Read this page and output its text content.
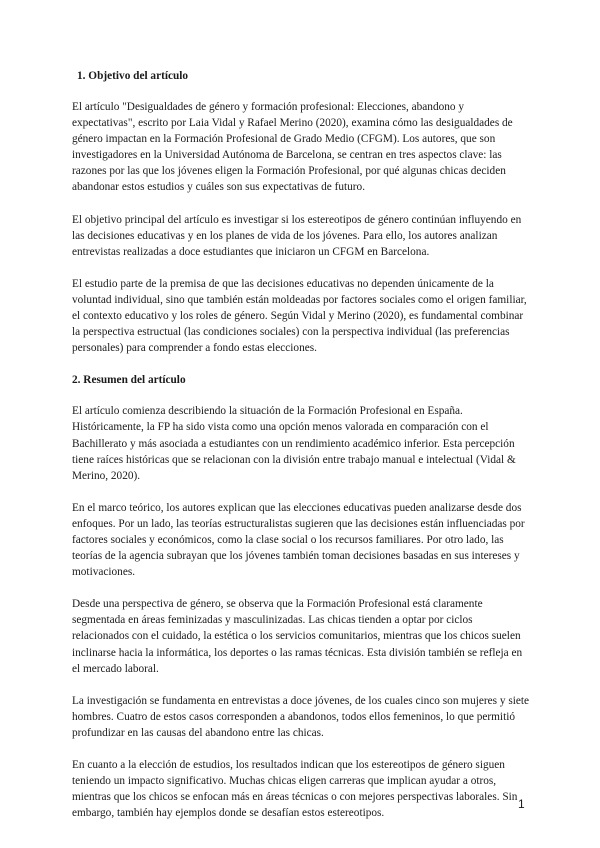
1. Objetivo del artículo

El artículo "Desigualdades de género y formación profesional: Elecciones, abandono y expectativas", escrito por Laia Vidal y Rafael Merino (2020), examina cómo las desigualdades de género impactan en la Formación Profesional de Grado Medio (CFGM). Los autores, que son investigadores en la Universidad Autónoma de Barcelona, se centran en tres aspectos clave: las razones por las que los jóvenes eligen la Formación Profesional, por qué algunas chicas deciden abandonar estos estudios y cuáles son sus expectativas de futuro.

El objetivo principal del artículo es investigar si los estereotipos de género continúan influyendo en las decisiones educativas y en los planes de vida de los jóvenes. Para ello, los autores analizan entrevistas realizadas a doce estudiantes que iniciaron un CFGM en Barcelona.

El estudio parte de la premisa de que las decisiones educativas no dependen únicamente de la voluntad individual, sino que también están moldeadas por factores sociales como el origen familiar, el contexto educativo y los roles de género. Según Vidal y Merino (2020), es fundamental combinar la perspectiva estructual (las condiciones sociales) con la perspectiva individual (las preferencias personales) para comprender a fondo estas elecciones.

2. Resumen del artículo

El artículo comienza describiendo la situación de la Formación Profesional en España. Históricamente, la FP ha sido vista como una opción menos valorada en comparación con el Bachillerato y más asociada a estudiantes con un rendimiento académico inferior. Esta percepción tiene raíces históricas que se relacionan con la división entre trabajo manual e intelectual (Vidal & Merino, 2020).

En el marco teórico, los autores explican que las elecciones educativas pueden analizarse desde dos enfoques. Por un lado, las teorías estructuralistas sugieren que las decisiones están influenciadas por factores sociales y económicos, como la clase social o los recursos familiares. Por otro lado, las teorías de la agencia subrayan que los jóvenes también toman decisiones basadas en sus intereses y motivaciones.

Desde una perspectiva de género, se observa que la Formación Profesional está claramente segmentada en áreas feminizadas y masculinizadas. Las chicas tienden a optar por ciclos relacionados con el cuidado, la estética o los servicios comunitarios, mientras que los chicos suelen inclinarse hacia la informática, los deportes o las ramas técnicas. Esta división también se refleja en el mercado laboral.

La investigación se fundamenta en entrevistas a doce jóvenes, de los cuales cinco son mujeres y siete hombres. Cuatro de estos casos corresponden a abandonos, todos ellos femeninos, lo que permitió profundizar en las causas del abandono entre las chicas.

En cuanto a la elección de estudios, los resultados indican que los estereotipos de género siguen teniendo un impacto significativo. Muchas chicas eligen carreras que implican ayudar a otros, mientras que los chicos se enfocan más en áreas técnicas o con mejores perspectivas laborales. Sin embargo, también hay ejemplos donde se desafían estos estereotipos.

1
